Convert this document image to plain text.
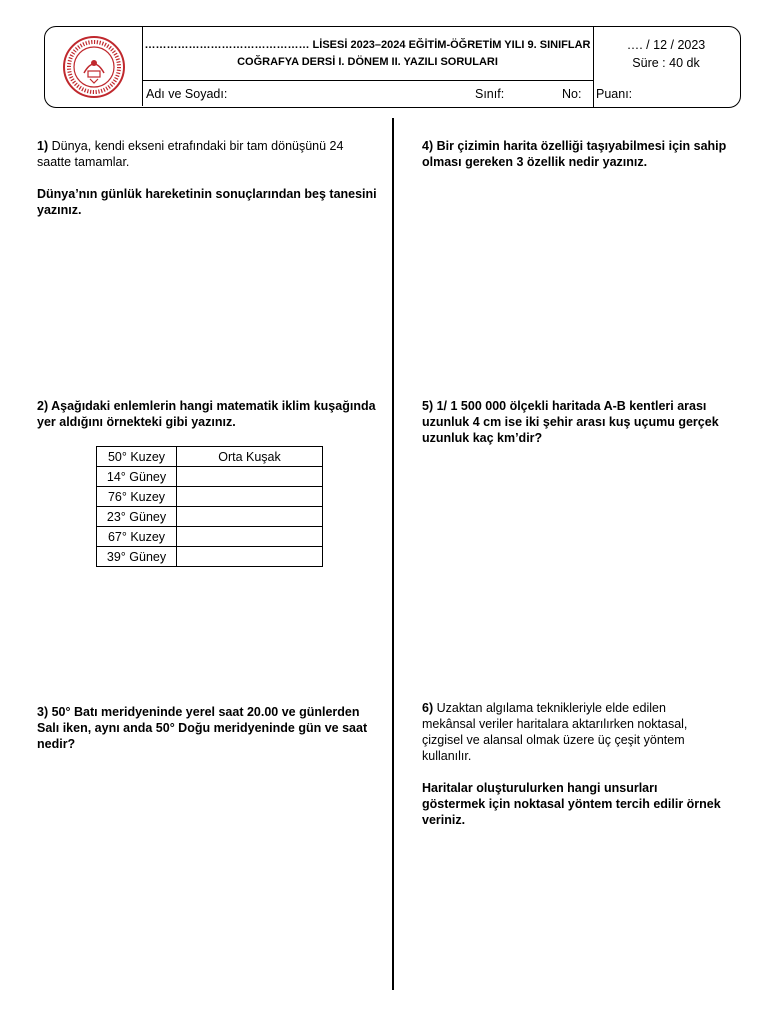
……………………………………… LİSESİ 2023–2024 EĞİTİM-ÖĞRETİM YILI 9. SINIFLAR
COĞRAFYA DERSİ I. DÖNEM II. YAZILI SORULARI
…. / 12 / 2023
Süre : 40 dk
Adı ve Soyadı:	Sınıf:	No: Puanı:

1) Dünya, kendi ekseni etrafındaki bir tam dönüşünü 24 saatte tamamlar.

Dünya’nın günlük hareketinin sonuçlarından beş tanesini yazınız.

2) Aşağıdaki enlemlerin hangi matematik iklim kuşağında yer aldığını örnekteki gibi yazınız.
50° Kuzey	Orta Kuşak
14° Güney	
76° Kuzey	
23° Güney	
67° Kuzey	
39° Güney	
3) 50° Batı meridyeninde yerel saat 20.00 ve günlerden Salı iken, aynı anda 50° Doğu meridyeninde gün ve saat nedir?
4) Bir çizimin harita özelliği taşıyabilmesi için sahip olması gereken 3 özellik nedir yazınız.
5) 1/ 1 500 000 ölçekli haritada A-B kentleri arası uzunluk 4 cm ise iki şehir arası kuş uçumu gerçek uzunluk kaç km’dir?

6) Uzaktan algılama teknikleriyle elde edilen mekânsal veriler haritalara aktarılırken noktasal, çizgisel ve alansal olmak üzere üç çeşit yöntem kullanılır.

Haritalar oluşturulurken hangi unsurları göstermek için noktasal yöntem tercih edilir örnek veriniz.
